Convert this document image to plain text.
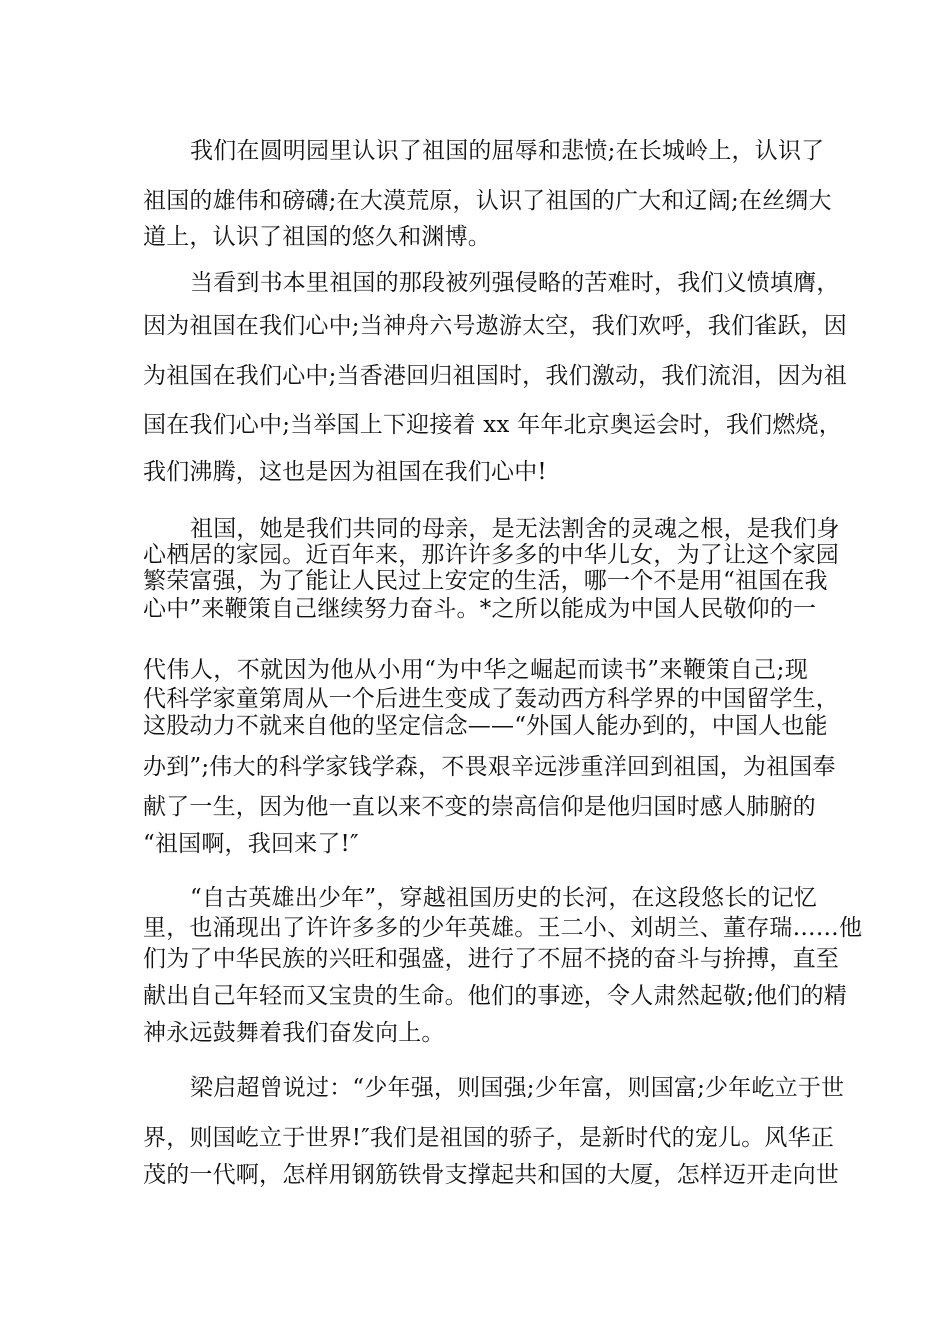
我们在圆明园里认识了祖国的屈辱和悲愤;在长城岭上，认识了
祖国的雄伟和磅礴;在大漠荒原，认识了祖国的广大和辽阔;在丝绸大
道上，认识了祖国的悠久和渊博。
当看到书本里祖国的那段被列强侵略的苦难时，我们义愤填膺，
因为祖国在我们心中;当神舟六号遨游太空，我们欢呼，我们雀跃，因
为祖国在我们心中;当香港回归祖国时，我们激动，我们流泪，因为祖
国在我们心中;当举国上下迎接着 xx 年年北京奥运会时，我们燃烧，
我们沸腾，这也是因为祖国在我们心中!
祖国，她是我们共同的母亲，是无法割舍的灵魂之根，是我们身
心栖居的家园。近百年来，那许许多多的中华儿女，为了让这个家园
繁荣富强，为了能让人民过上安定的生活，哪一个不是用“祖国在我
心中”来鞭策自己继续努力奋斗。*之所以能成为中国人民敬仰的一
代伟人，不就因为他从小用“为中华之崛起而读书”来鞭策自己;现
代科学家童第周从一个后进生变成了轰动西方科学界的中国留学生，
这股动力不就来自他的坚定信念——“外国人能办到的，中国人也能
办到”;伟大的科学家钱学森，不畏艰辛远涉重洋回到祖国，为祖国奉
献了一生，因为他一直以来不变的崇高信仰是他归国时感人肺腑的
“祖国啊，我回来了!″
“自古英雄出少年”，穿越祖国历史的长河，在这段悠长的记忆
里，也涌现出了许许多多的少年英雄。王二小、刘胡兰、董存瑞……他
们为了中华民族的兴旺和强盛，进行了不屈不挠的奋斗与拚搏，直至
献出自己年轻而又宝贵的生命。他们的事迹，令人肃然起敬;他们的精
神永远鼓舞着我们奋发向上。
梁启超曾说过：“少年强，则国强;少年富，则国富;少年屹立于世
界，则国屹立于世界!″我们是祖国的骄子，是新时代的宠儿。风华正
茂的一代啊，怎样用钢筋铁骨支撑起共和国的大厦，怎样迈开走向世
